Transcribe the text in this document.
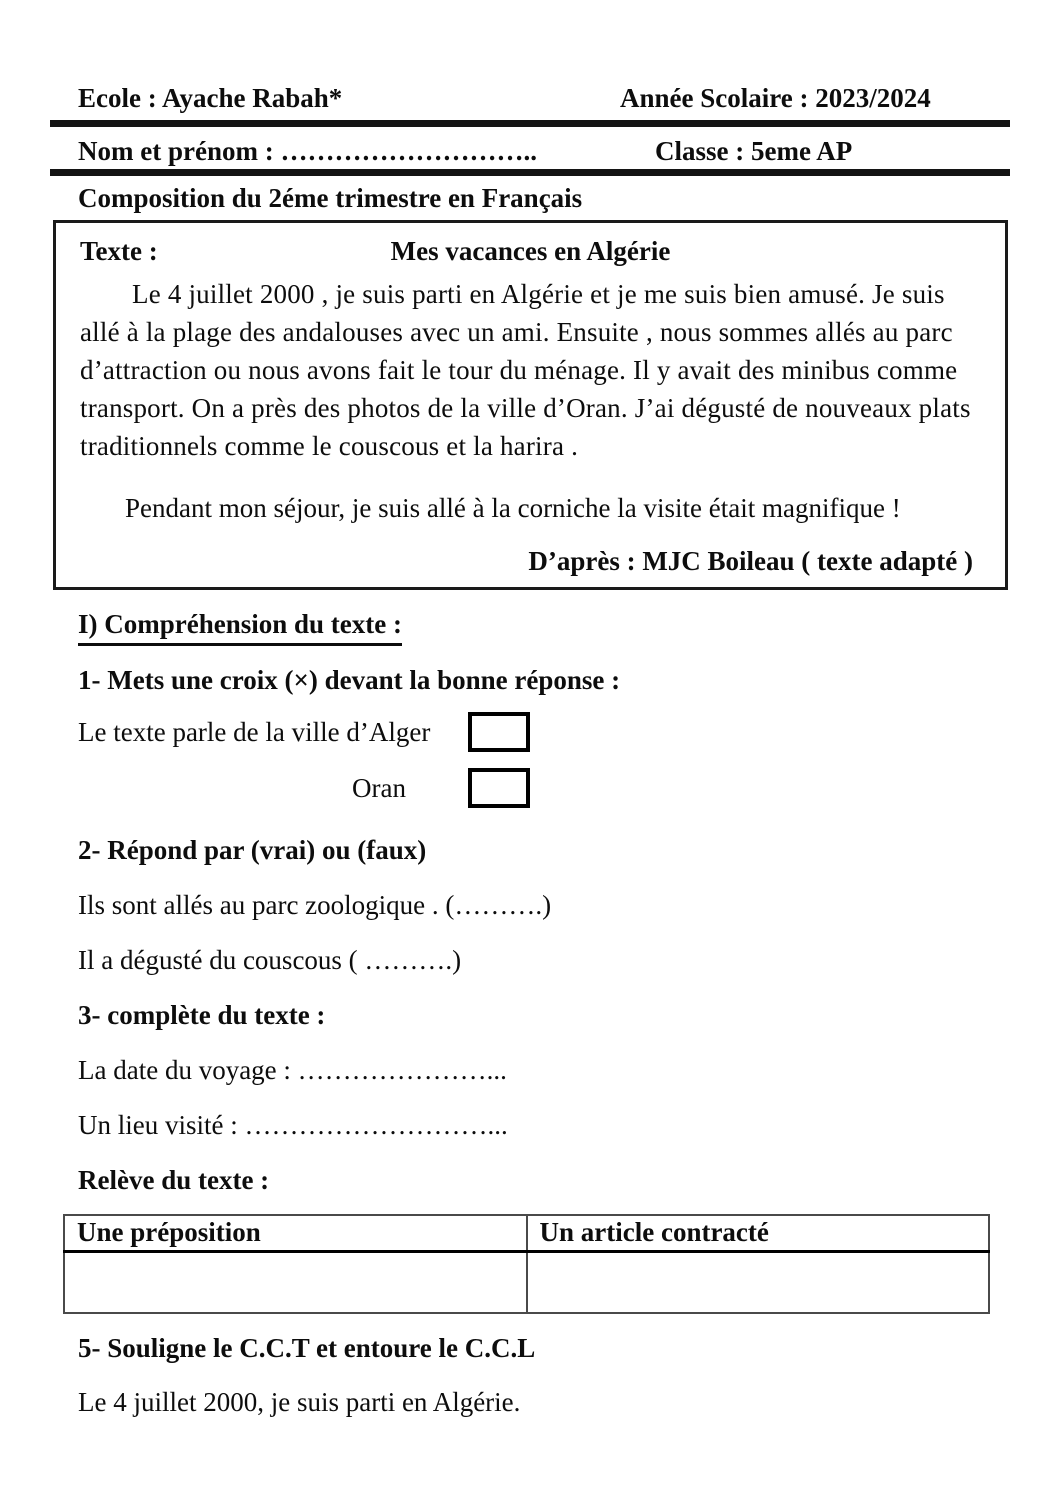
Ecole : Ayache Rabah*	Année Scolaire : 2023/2024
Nom et prénom : ………………………..	Classe : 5eme AP
Composition du 2éme trimestre en Français
Texte :	Mes vacances en Algérie
Le 4 juillet 2000 , je suis parti en Algérie et je me suis bien amusé. Je suis allé à la plage des andalouses avec un ami. Ensuite , nous sommes allés au parc d’attraction ou nous avons fait le tour du ménage. Il y avait des minibus comme transport. On a près des photos de la ville d’Oran. J’ai dégusté de nouveaux plats traditionnels comme le couscous et la harira .
Pendant mon séjour, je suis allé à la corniche la visite était magnifique !
D’après : MJC Boileau ( texte adapté )
I) Compréhension du texte :
1- Mets une croix (×) devant la bonne réponse :
Le texte parle de la ville d’Alger
Oran
2- Répond par (vrai) ou (faux)
Ils sont allés au parc zoologique . (……….)
Il a dégusté du couscous ( ……….)
3- complète du texte :
La date du voyage : …………………...
Un lieu visité : ………………………...
Relève du texte :
Une préposition	Un article contracté

5- Souligne le C.C.T et entoure le C.C.L
Le 4 juillet 2000, je suis parti en Algérie.
